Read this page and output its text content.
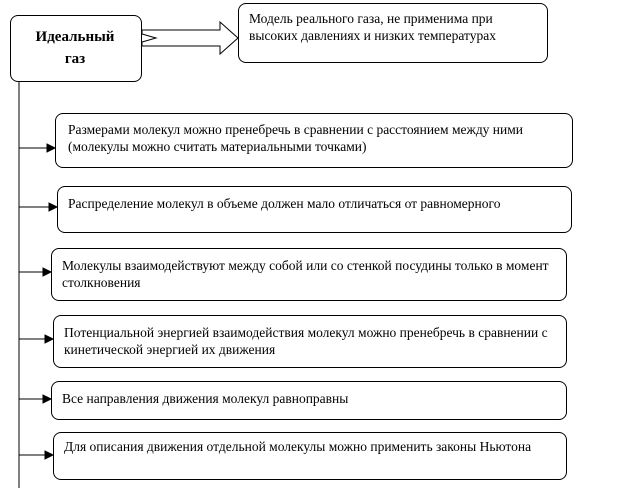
Идеальный
газ
Модель реального газа, не применима при высоких давлениях и низких температурах
Размерами молекул можно пренебречь в сравнении с расстоянием между ними (молекулы можно считать материальными точками)
Распределение молекул в объеме должен мало отличаться от равномерного
Молекулы взаимодействуют между собой или со стенкой посудины только в момент столкновения
Потенциальной энергией взаимодействия молекул можно пренебречь в сравнении с кинетической энергией их движения
Все направления движения молекул равноправны
Для описания движения отдельной молекулы можно применить законы Ньютона
